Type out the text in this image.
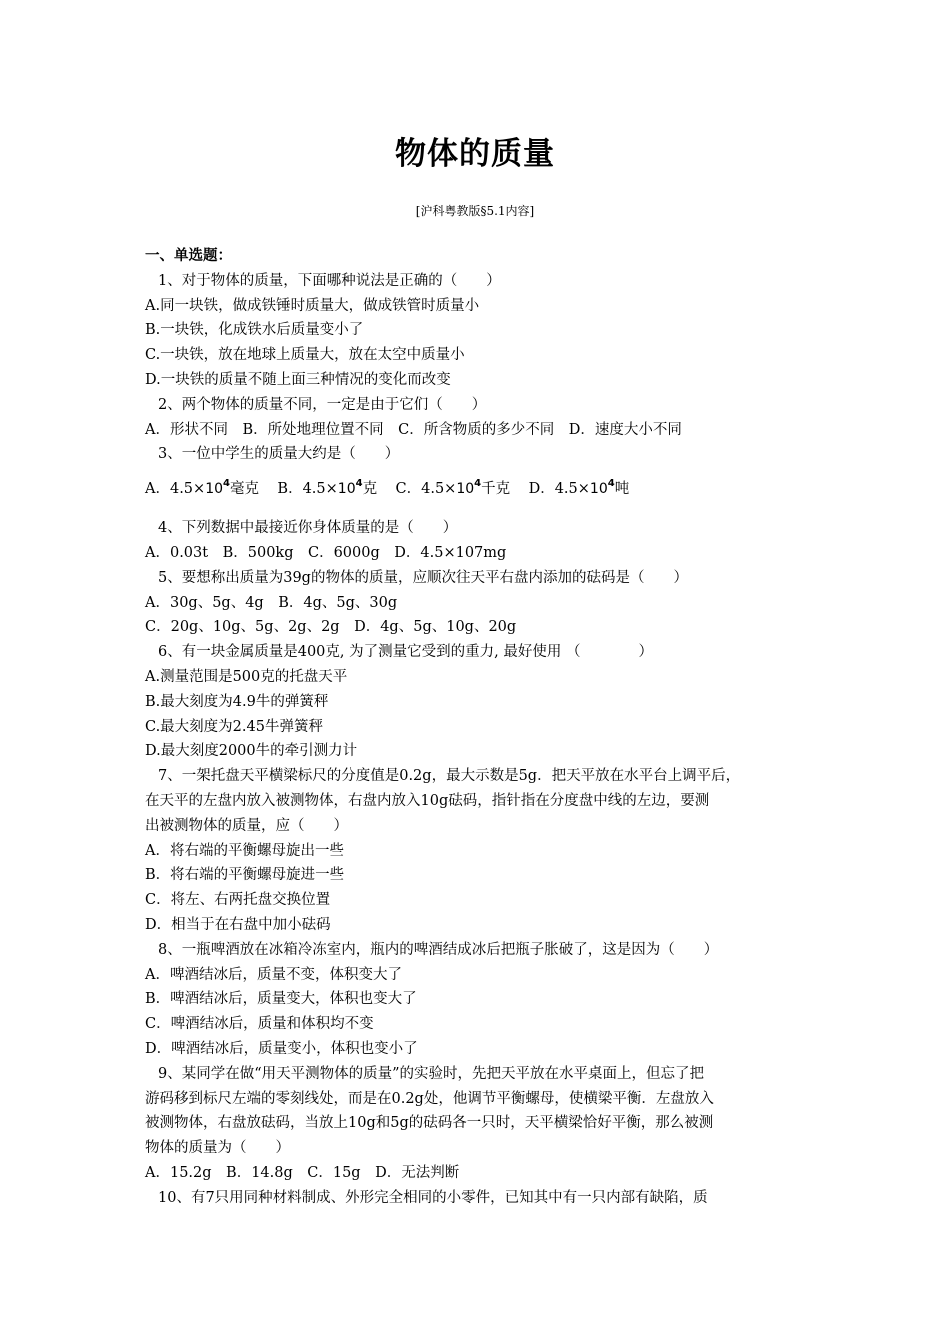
物体的质量
[沪科粤教版§5.1内容]
一、单选题：
1、对于物体的质量，下面哪种说法是正确的（　　）
A.同一块铁，做成铁锤时质量大，做成铁管时质量小
B.一块铁，化成铁水后质量变小了
C.一块铁，放在地球上质量大，放在太空中质量小
D.一块铁的质量不随上面三种情况的变化而改变
2、两个物体的质量不同，一定是由于它们（　　）
A．形状不同　B．所处地理位置不同　C．所含物质的多少不同　D．速度大小不同
3、一位中学生的质量大约是（　　）
A．$4.5\times 10^4$毫克 B．$4.5\times 10^4$克 C．$4.5\times 10^4$千克 D．$4.5\times 10^4$吨
4、下列数据中最接近你身体质量的是（　　）
A．0.03t　B．500kg　C．6000g　D．4.5×107mg
5、要想称出质量为39g的物体的质量，应顺次往天平右盘内添加的砝码是（　　）
A．30g、5g、4g　B．4g、5g、30g
C．20g、10g、5g、2g、2g　D．4g、5g、10g、20g
6、有一块金属质量是400克, 为了测量它受到的重力, 最好使用 （　　　　）
A.测量范围是500克的托盘天平
B.最大刻度为4.9牛的弹簧秤
C.最大刻度为2.45牛弹簧秤
D.最大刻度2000牛的牵引测力计
7、一架托盘天平横梁标尺的分度值是0.2g，最大示数是5g．把天平放在水平台上调平后，
在天平的左盘内放入被测物体，右盘内放入10g砝码，指针指在分度盘中线的左边，要测
出被测物体的质量，应（　　）
A．将右端的平衡螺母旋出一些
B．将右端的平衡螺母旋进一些
C．将左、右两托盘交换位置
D．相当于在右盘中加小砝码
8、一瓶啤酒放在冰箱冷冻室内，瓶内的啤酒结成冰后把瓶子胀破了，这是因为（　　）
A．啤酒结冰后，质量不变，体积变大了
B．啤酒结冰后，质量变大，体积也变大了
C．啤酒结冰后，质量和体积均不变
D．啤酒结冰后，质量变小，体积也变小了
9、某同学在做“用天平测物体的质量”的实验时，先把天平放在水平桌面上，但忘了把
游码移到标尺左端的零刻线处，而是在0.2g处，他调节平衡螺母，使横梁平衡．左盘放入
被测物体，右盘放砝码，当放上10g和5g的砝码各一只时，天平横梁恰好平衡，那么被测
物体的质量为（　　）
A．15.2g　B．14.8g　C．15g　D．无法判断
10、有7只用同种材料制成、外形完全相同的小零件，已知其中有一只内部有缺陷，质
